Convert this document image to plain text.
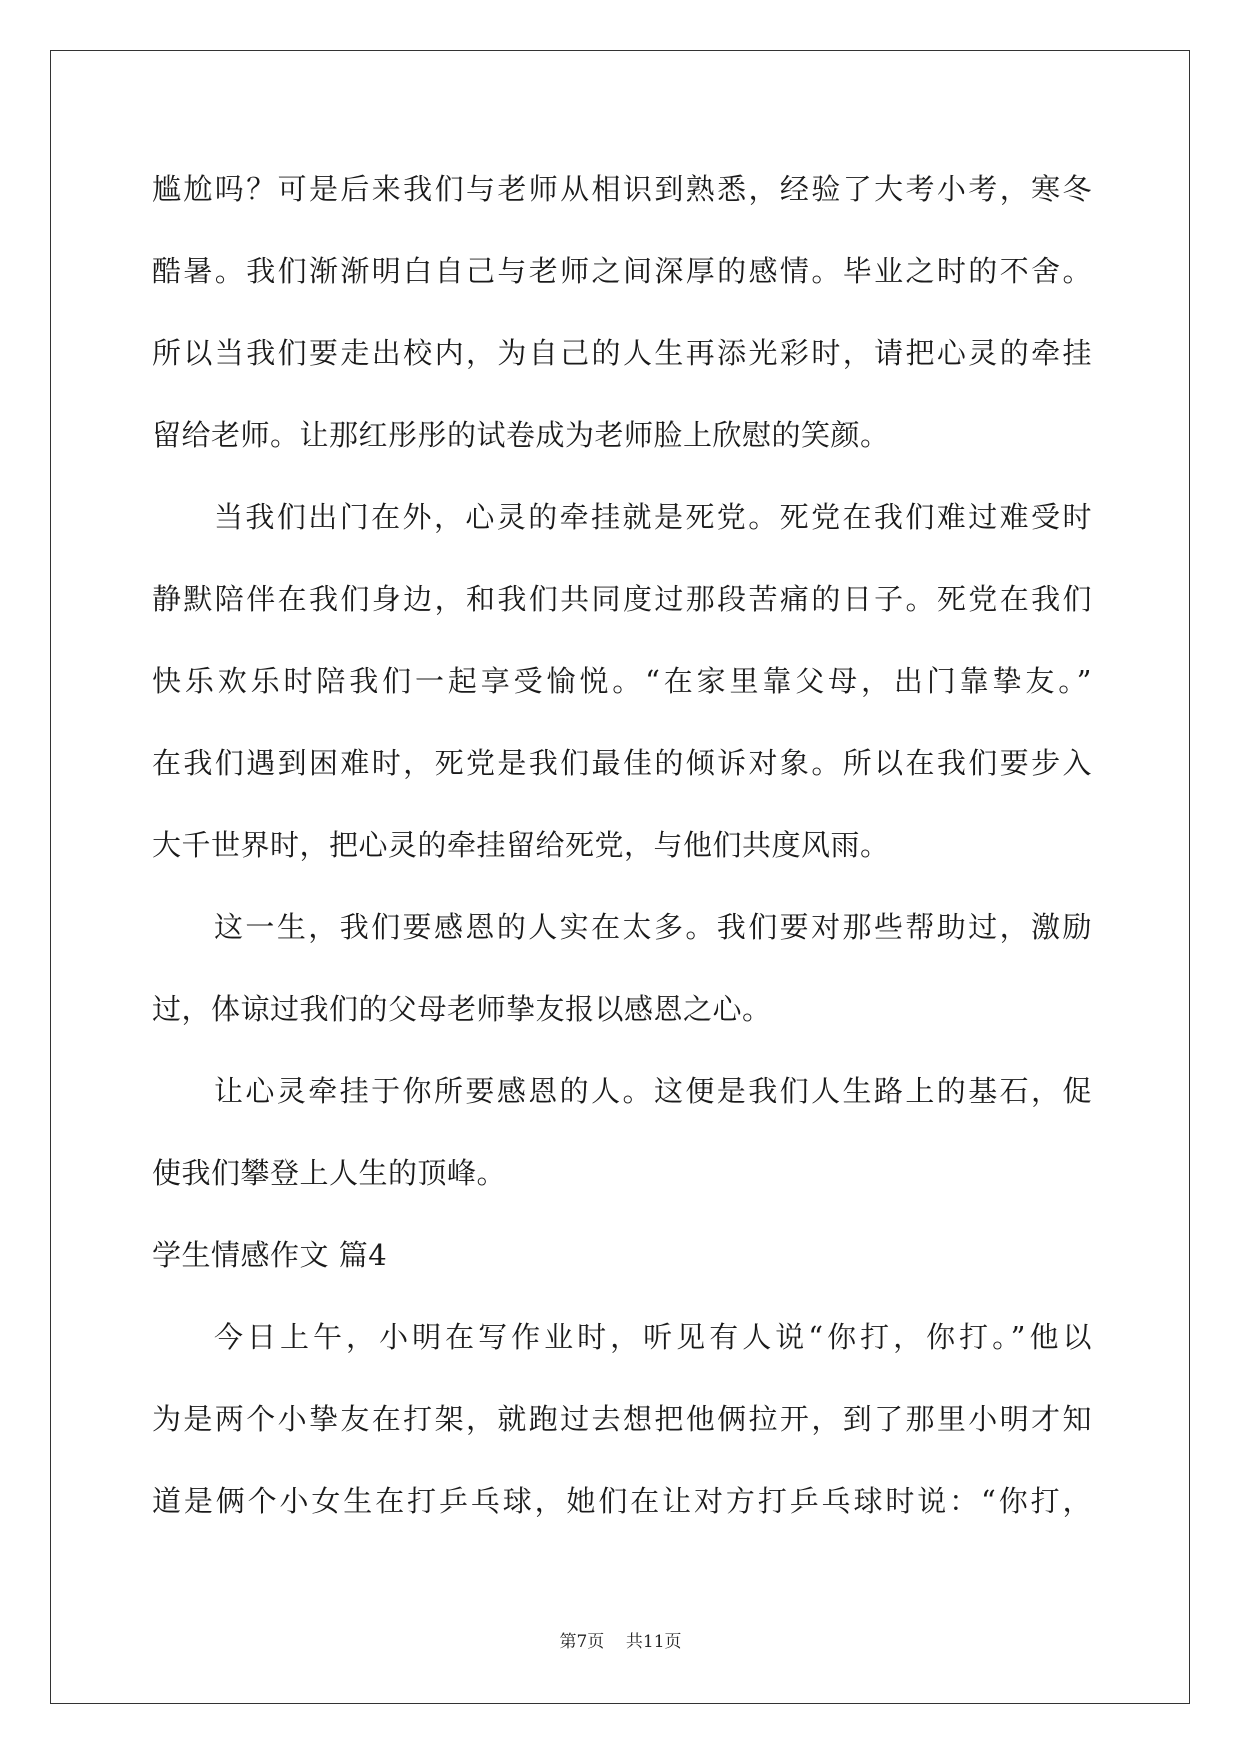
尴尬吗？可是后来我们与老师从相识到熟悉，经验了大考小考，寒冬
酷暑。我们渐渐明白自己与老师之间深厚的感情。毕业之时的不舍。
所以当我们要走出校内，为自己的人生再添光彩时，请把心灵的牵挂
留给老师。让那红彤彤的试卷成为老师脸上欣慰的笑颜。
当我们出门在外，心灵的牵挂就是死党。死党在我们难过难受时
静默陪伴在我们身边，和我们共同度过那段苦痛的日子。死党在我们
快乐欢乐时陪我们一起享受愉悦。“在家里靠父母，出门靠挚友。”
在我们遇到困难时，死党是我们最佳的倾诉对象。所以在我们要步入
大千世界时，把心灵的牵挂留给死党，与他们共度风雨。
这一生，我们要感恩的人实在太多。我们要对那些帮助过，激励
过，体谅过我们的父母老师挚友报以感恩之心。
让心灵牵挂于你所要感恩的人。这便是我们人生路上的基石，促
使我们攀登上人生的顶峰。
学生情感作文 篇4
今日上午，小明在写作业时，听见有人说“你打，你打。”他以
为是两个小挚友在打架，就跑过去想把他俩拉开，到了那里小明才知
道是俩个小女生在打乒乓球，她们在让对方打乒乓球时说：“你打，
第7页 共11页
